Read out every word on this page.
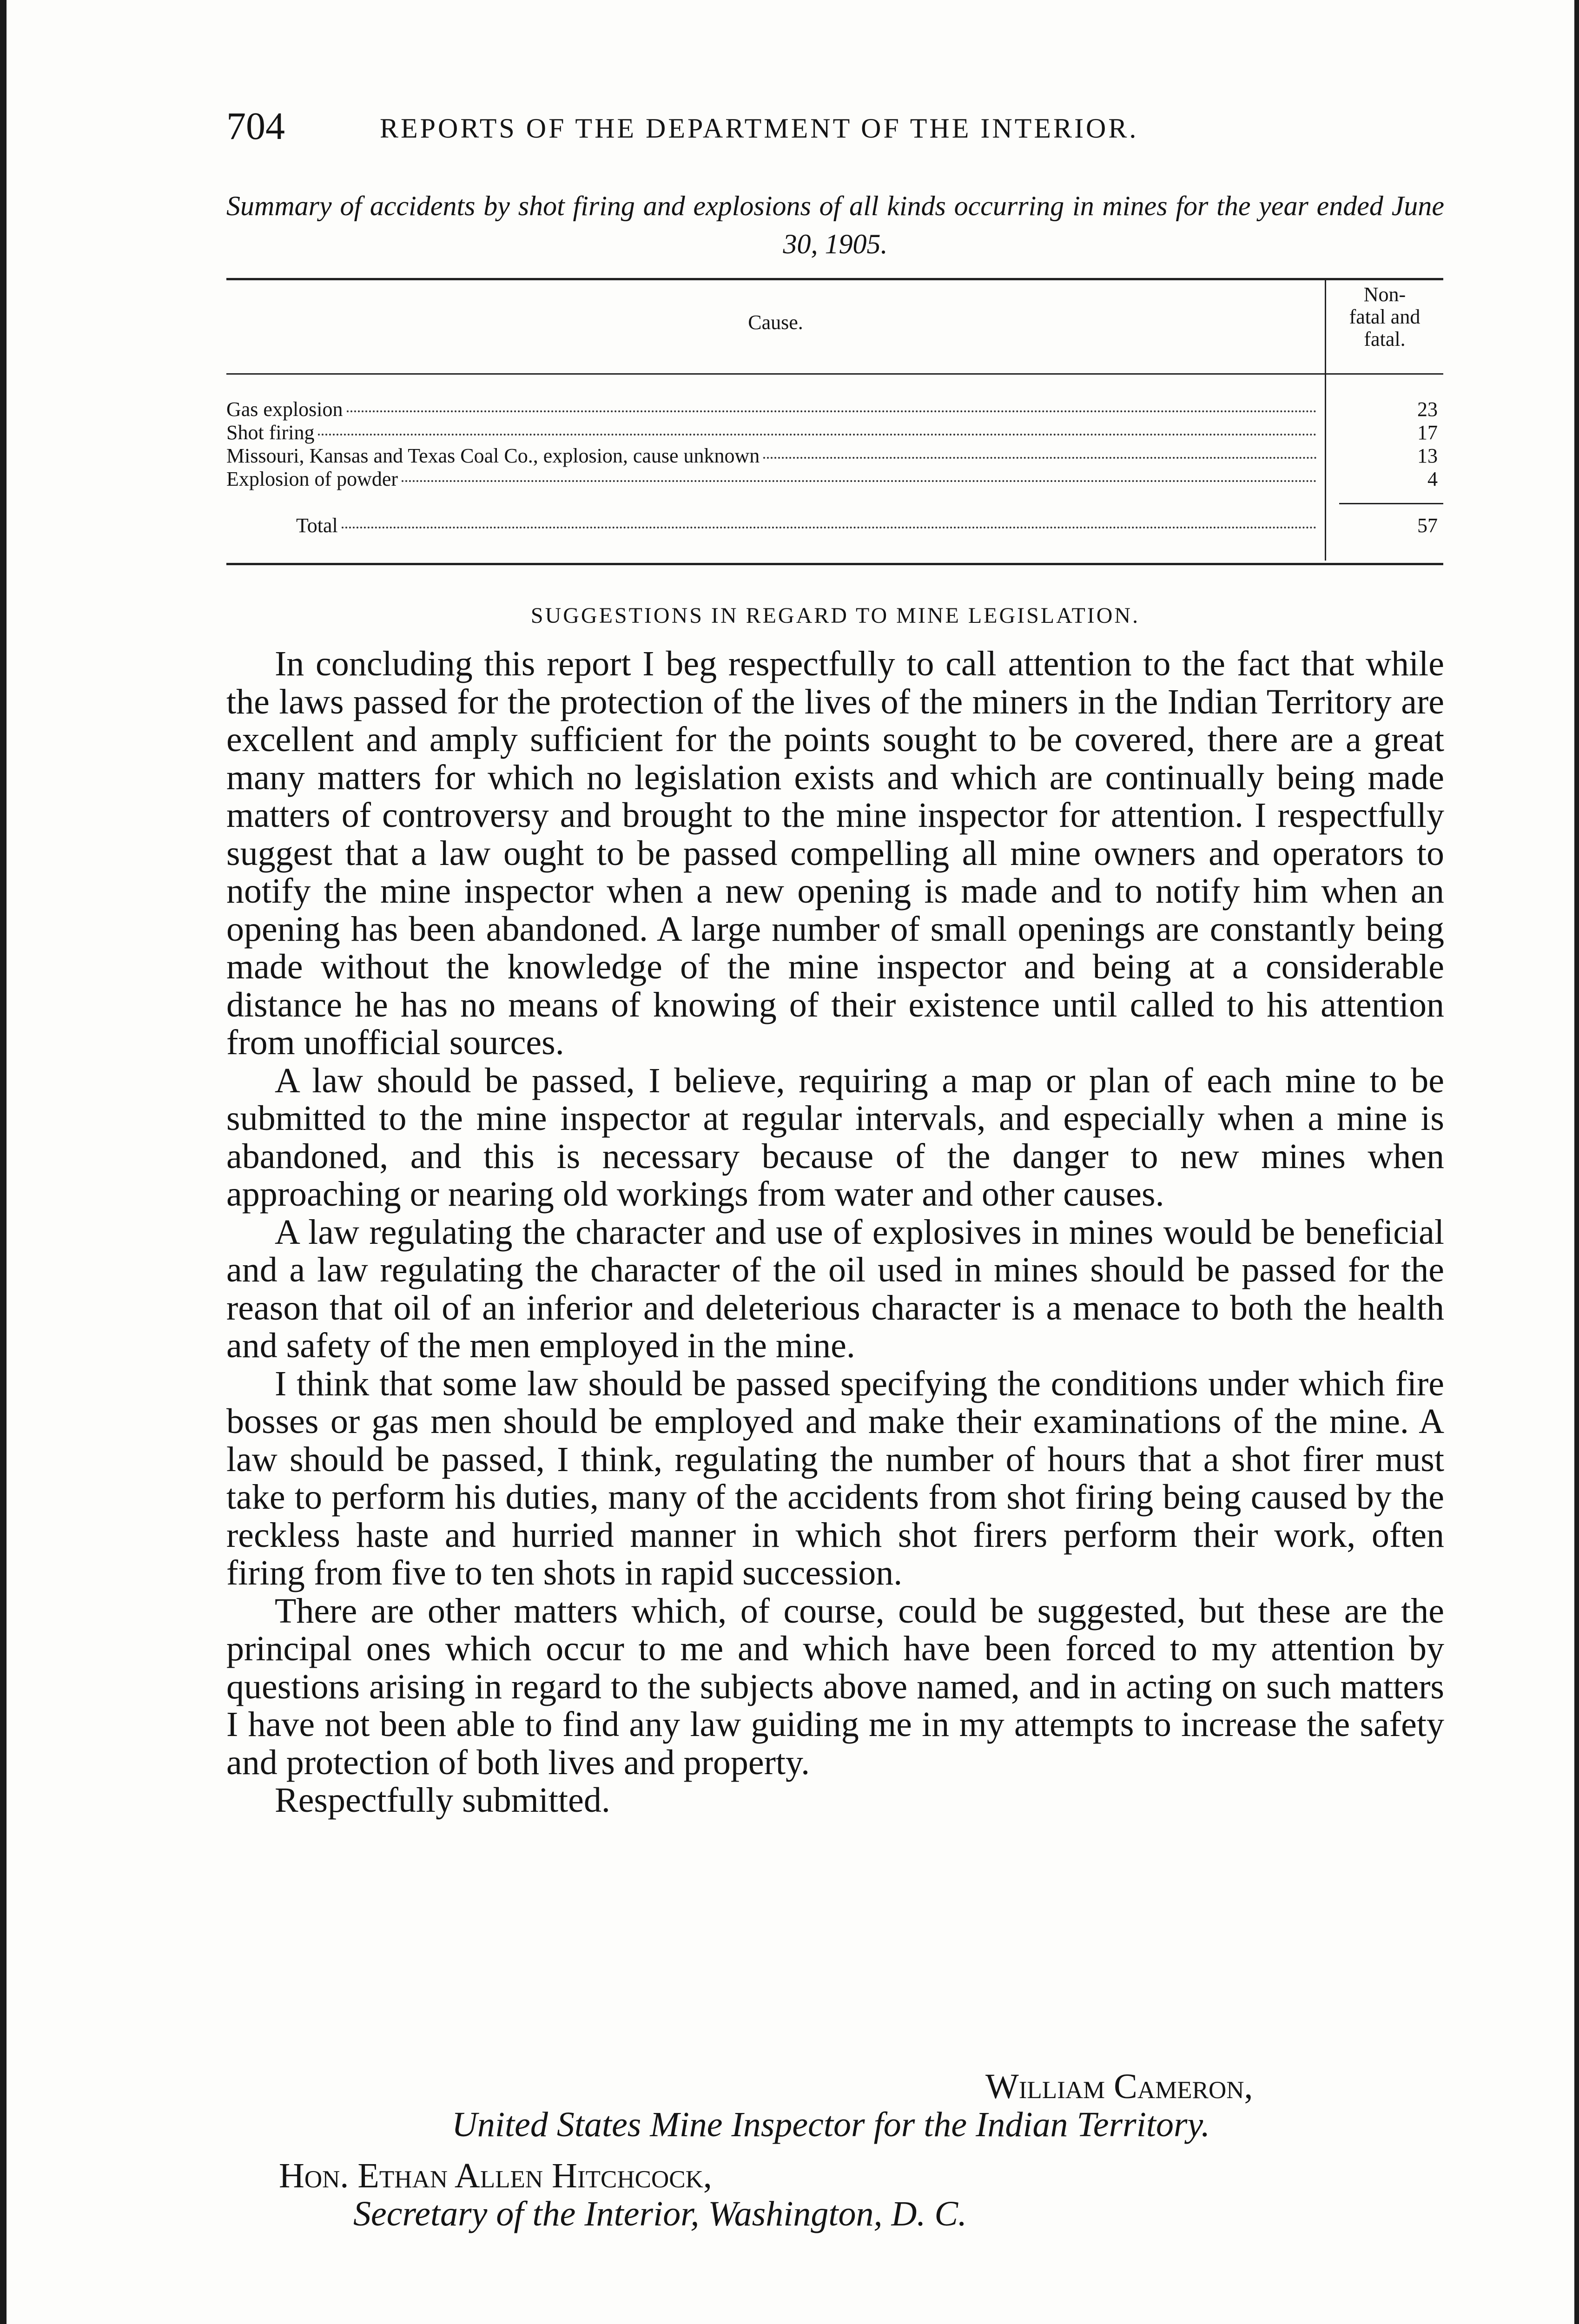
704	REPORTS OF THE DEPARTMENT OF THE INTERIOR.
Summary of accidents by shot firing and explosions of all kinds occurring in mines for the year ended June 30, 1905.
Cause.
Non-
fatal and
fatal.
Gas explosion	23
Shot firing	17
Missouri, Kansas and Texas Coal Co., explosion, cause unknown	13
Explosion of powder	4
Total	57
SUGGESTIONS IN REGARD TO MINE LEGISLATION.

In concluding this report I beg respectfully to call attention to the fact that while the laws passed for the protection of the lives of the miners in the Indian Territory are excellent and amply sufficient for the points sought to be covered, there are a great many matters for which no legislation exists and which are continually being made matters of controversy and brought to the mine inspector for attention. I respectfully suggest that a law ought to be passed compelling all mine owners and operators to notify the mine inspector when a new opening is made and to notify him when an opening has been abandoned. A large number of small openings are constantly being made without the knowledge of the mine inspector and being at a considerable distance he has no means of knowing of their existence until called to his attention from unofficial sources.

A law should be passed, I believe, requiring a map or plan of each mine to be submitted to the mine inspector at regular intervals, and especially when a mine is abandoned, and this is necessary because of the danger to new mines when approaching or nearing old workings from water and other causes.

A law regulating the character and use of explosives in mines would be beneficial and a law regulating the character of the oil used in mines should be passed for the reason that oil of an inferior and deleterious character is a menace to both the health and safety of the men employed in the mine.

I think that some law should be passed specifying the conditions under which fire bosses or gas men should be employed and make their examinations of the mine. A law should be passed, I think, regulating the number of hours that a shot firer must take to perform his duties, many of the accidents from shot firing being caused by the reckless haste and hurried manner in which shot firers perform their work, often firing from five to ten shots in rapid succession.

There are other matters which, of course, could be suggested, but these are the principal ones which occur to me and which have been forced to my attention by questions arising in regard to the subjects above named, and in acting on such matters I have not been able to find any law guiding me in my attempts to increase the safety and protection of both lives and property.

Respectfully submitted.
William Cameron,
United States Mine Inspector for the Indian Territory.
Hon. Ethan Allen Hitchcock,
Secretary of the Interior, Washington, D. C.
